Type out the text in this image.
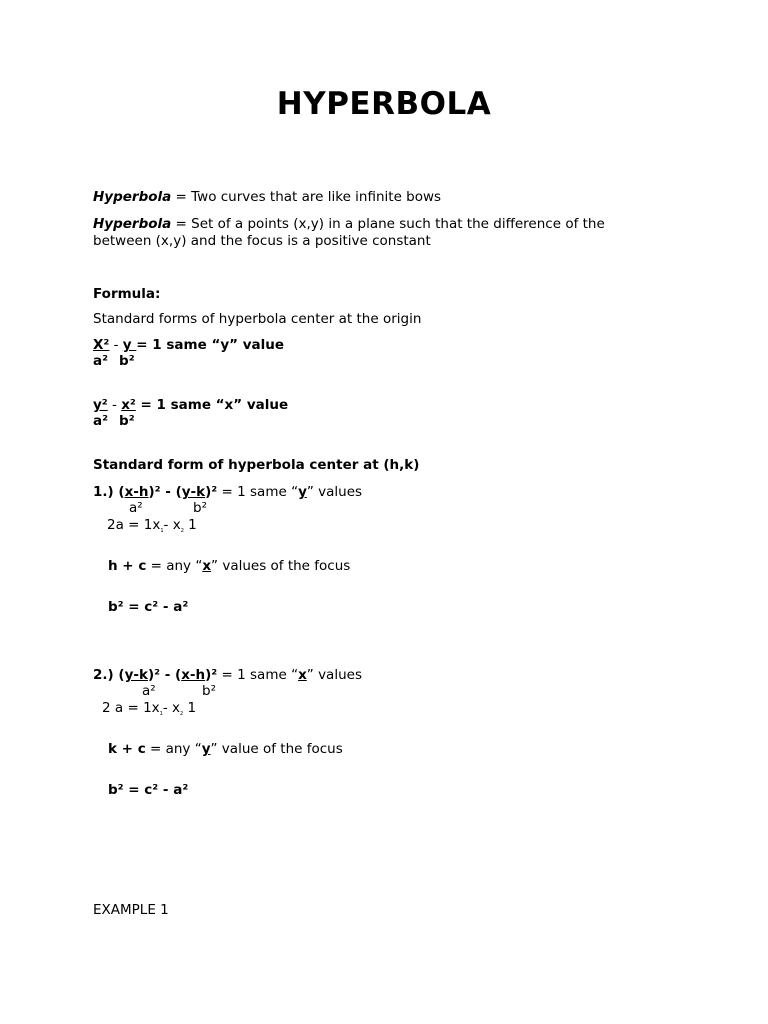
HYPERBOLA
Hyperbola = Two curves that are like infinite bows
Hyperbola = Set of a points (x,y) in a plane such that the difference of the
between (x,y) and the focus is a positive constant
Formula:
Standard forms of hyperbola center at the origin
X² - y = 1 same “y” value
a² b²
y² - x² = 1 same “x” value
a² b²
Standard form of hyperbola center at (h,k)
1.) (x-h)² - (y-k)² = 1 same “y” values
a²	b²
$2a = 1x_1-$ $x_2$ 1
h + c = any “x” values of the focus
b² = c² - a²
2.) (y-k)² - (x-h)² = 1 same “x” values
a²	b²
2 $a = 1x_1-$ $x_2$ 1
k + c = any “y” value of the focus
b² = c² - a²
EXAMPLE 1
